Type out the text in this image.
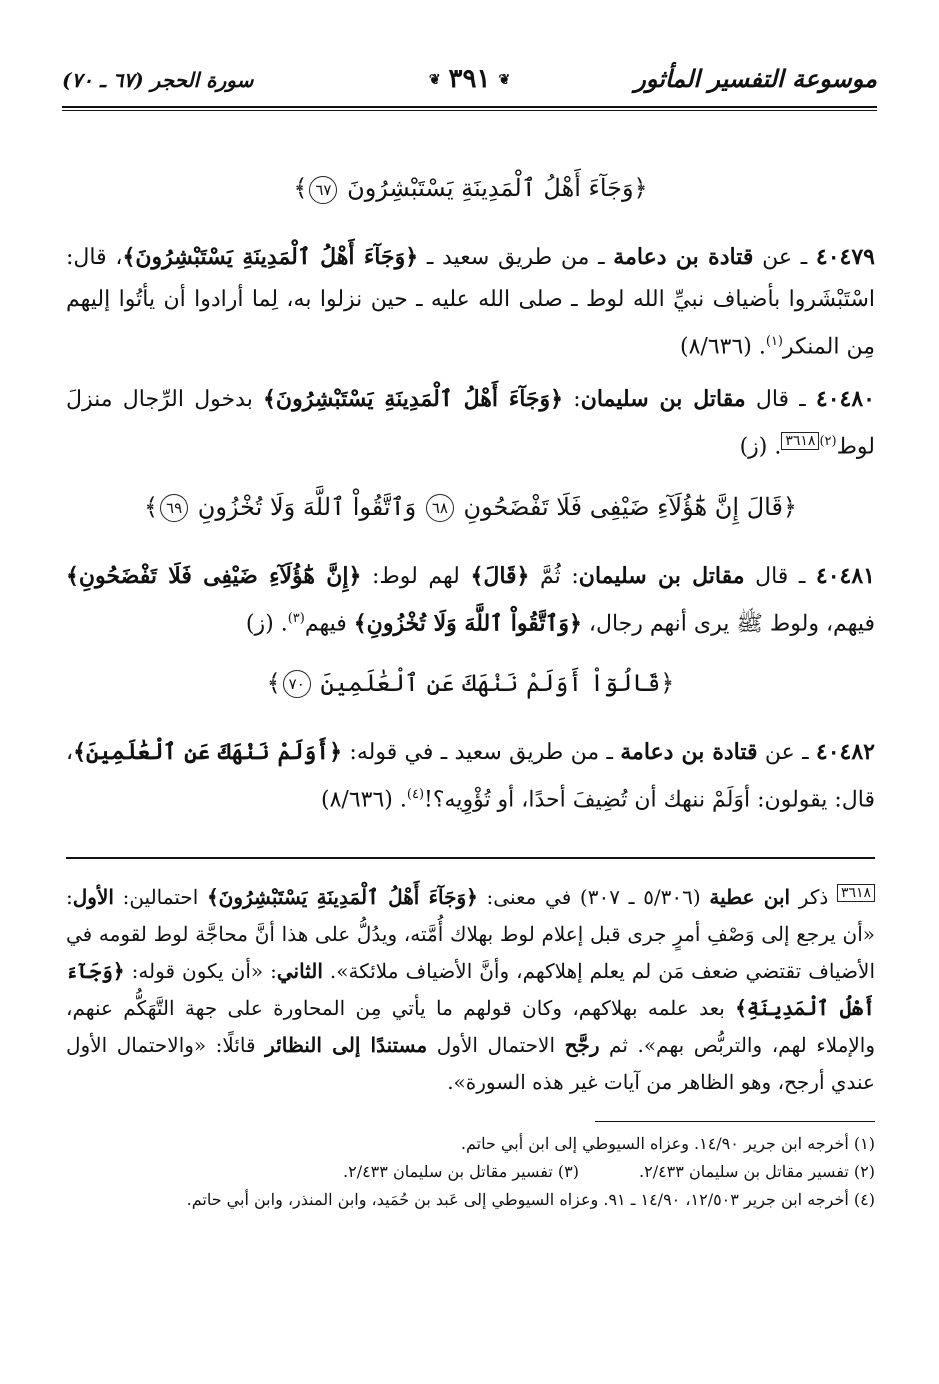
موسوعة التفسير المأثور
❦٣٩١❦
سورة الحجر (٦٧ ـ ٧٠)
﴿وَجَآءَ أَهْلُ ٱلْمَدِينَةِ يَسْتَبْشِرُونَ ٦٧﴾

٤٠٤٧٩ ـ عن قتادة بن دعامة ـ من طريق سعيد ـ ﴿وَجَآءَ أَهْلُ ٱلْمَدِينَةِ يَسْتَبْشِرُونَ﴾، قال: اسْتَبْشَروا بأضياف نبيِّ الله لوط ـ صلى الله عليه ـ حين نزلوا به، لِما أرادوا أن يأتُوا إليهم مِن المنكر$^{(١)}$. (٨/٦٣٦)

٤٠٤٨٠ ـ قال مقاتل بن سليمان: ﴿وَجَآءَ أَهْلُ ٱلْمَدِينَةِ يَسْتَبْشِرُونَ﴾ بدخول الرِّجال منزلَ لوط$^{(٢)}$٣٦١٨. (ز)

﴿قَالَ إِنَّ هَٰٓؤُلَآءِ ضَيْفِى فَلَا تَفْضَحُونِ ٦٨ وَٱتَّقُواْ ٱللَّهَ وَلَا تُخْزُونِ ٦٩﴾

٤٠٤٨١ ـ قال مقاتل بن سليمان: ثُمَّ ﴿قَالَ﴾ لهم لوط: ﴿إِنَّ هَٰٓؤُلَآءِ ضَيْفِى فَلَا تَفْضَحُونِ﴾ فيهم، ولوط ﷺ يرى أنهم رجال، ﴿وَٱتَّقُواْ ٱللَّهَ وَلَا تُخْزُونِ﴾ فيهم$^{(٣)}$. (ز)

﴿قَالُوٓاْ أَوَلَمْ نَنْهَكَ عَنِ ٱلْعَٰلَمِينَ ٧٠﴾

٤٠٤٨٢ ـ عن قتادة بن دعامة ـ من طريق سعيد ـ في قوله: ﴿أَوَلَمْ نَنْهَكَ عَنِ ٱلْعَٰلَمِينَ﴾، قال: يقولون: أوَلَمْ ننهك أن تُضِيفَ أحدًا، أو تُؤْوِيه؟!$^{(٤)}$. (٨/٦٣٦)

٣٦١٨ ذكر ابن عطية (٥/٣٠٦ ـ ٣٠٧) في معنى: ﴿وَجَآءَ أَهْلُ ٱلْمَدِينَةِ يَسْتَبْشِرُونَ﴾ احتمالين: الأول: «أن يرجع إلى وَصْفِ أمرٍ جرى قبل إعلام لوط بهلاك أُمَّته، ويدُلُّ على هذا أنَّ محاجَّة لوط لقومه في الأضياف تقتضي ضعف مَن لم يعلم إهلاكهم، وأنَّ الأضياف ملائكة». الثاني: «أن يكون قوله: ﴿وَجَآءَ أَهْلُ ٱلْمَدِينَةِ﴾ بعد علمه بهلاكهم، وكان قولهم ما يأتي مِن المحاورة على جهة التَّهَكُّم عنهم، والإملاء لهم، والتربُّص بهم». ثم رجَّح الاحتمال الأول مستندًا إلى النظائر قائلًا: «والاحتمال الأول عندي أرجح، وهو الظاهر من آيات غير هذه السورة».

(١) أخرجه ابن جرير ١٤/٩٠. وعزاه السيوطي إلى ابن أبي حاتم.
(٢) تفسير مقاتل بن سليمان ٢/٤٣٣.(٣) تفسير مقاتل بن سليمان ٢/٤٣٣.
(٤) أخرجه ابن جرير ١٢/٥٠٣، ١٤/٩٠ ـ ٩١. وعزاه السيوطي إلى عَبد بن حُمَيد، وابن المنذر، وابن أبي حاتم.
